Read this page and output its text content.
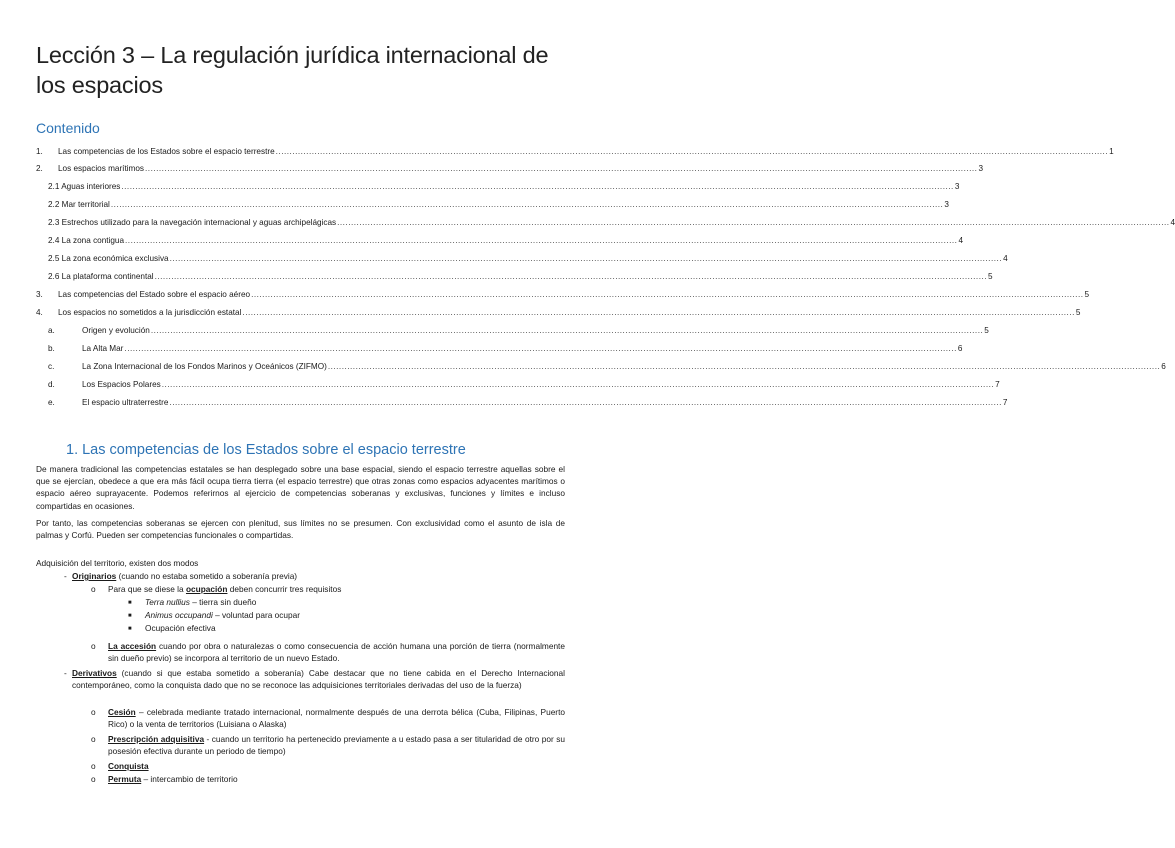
Lección 3 – La regulación jurídica internacional de los espacios
Contenido
1.	Las competencias de los Estados sobre el espacio terrestre ............................................................................................................................................................................................................................................................................................................ 1
2.	Los espacios marítimos ............................................................................................................................................................................................................................................................................................................ 3
2.1 Aguas interiores ............................................................................................................................................................................................................................................................................................................ 3
2.2 Mar territorial ............................................................................................................................................................................................................................................................................................................ 3
2.3 Estrechos utilizado para la navegación internacional y aguas archipelágicas ............................................................................................................................................................................................................................................................................................................ 4
2.4 La zona contigua ............................................................................................................................................................................................................................................................................................................ 4
2.5 La zona económica exclusiva ............................................................................................................................................................................................................................................................................................................ 4
2.6 La plataforma continental ............................................................................................................................................................................................................................................................................................................ 5
3.	Las competencias del Estado sobre el espacio aéreo ............................................................................................................................................................................................................................................................................................................ 5
4.	Los espacios no sometidos a la jurisdicción estatal ............................................................................................................................................................................................................................................................................................................ 5
a.	Origen y evolución ............................................................................................................................................................................................................................................................................................................ 5
b.	La Alta Mar ............................................................................................................................................................................................................................................................................................................ 6
c.	La Zona Internacional de los Fondos Marinos y Oceánicos (ZIFMO) ............................................................................................................................................................................................................................................................................................................ 6
d.	Los Espacios Polares ............................................................................................................................................................................................................................................................................................................ 7
e.	El espacio ultraterrestre ............................................................................................................................................................................................................................................................................................................ 7
1. Las competencias de los Estados sobre el espacio terrestre
De manera tradicional las competencias estatales se han desplegado sobre una base espacial, siendo el espacio terrestre aquellas sobre el que se ejercían, obedece a que era más fácil ocupa tierra tierra (el espacio terrestre) que otras zonas como espacios adyacentes marítimos o espacio aéreo suprayacente. Podemos referirnos al ejercicio de competencias soberanas y exclusivas, funciones y límites e incluso compartidas en ocasiones.
Por tanto, las competencias soberanas se ejercen con plenitud, sus límites no se presumen. Con exclusividad como el asunto de isla de palmas y Corfú. Pueden ser competencias funcionales o compartidas.
Adquisición del territorio, existen dos modos
- Originarios (cuando no estaba sometido a soberanía previa)
o Para que se diese la ocupación deben concurrir tres requisitos
■ Terra nullius – tierra sin dueño
■ Animus occupandi – voluntad para ocupar
■ Ocupación efectiva
o La accesión cuando por obra o naturalezas o como consecuencia de acción humana una porción de tierra (normalmente sin dueño previo) se incorpora al territorio de un nuevo Estado.
- Derivativos (cuando si que estaba sometido a soberanía) Cabe destacar que no tiene cabida en el Derecho Internacional contemporáneo, como la conquista dado que no se reconoce las adquisiciones territoriales derivadas del uso de la fuerza)
o Cesión – celebrada mediante tratado internacional, normalmente después de una derrota bélica (Cuba, Filipinas, Puerto Rico) o la venta de territorios (Luisiana o Alaska)
o Prescripción adquisitiva - cuando un territorio ha pertenecido previamente a u estado pasa a ser titularidad de otro por su posesión efectiva durante un periodo de tiempo)
o Conquista
o Permuta – intercambio de territorio
